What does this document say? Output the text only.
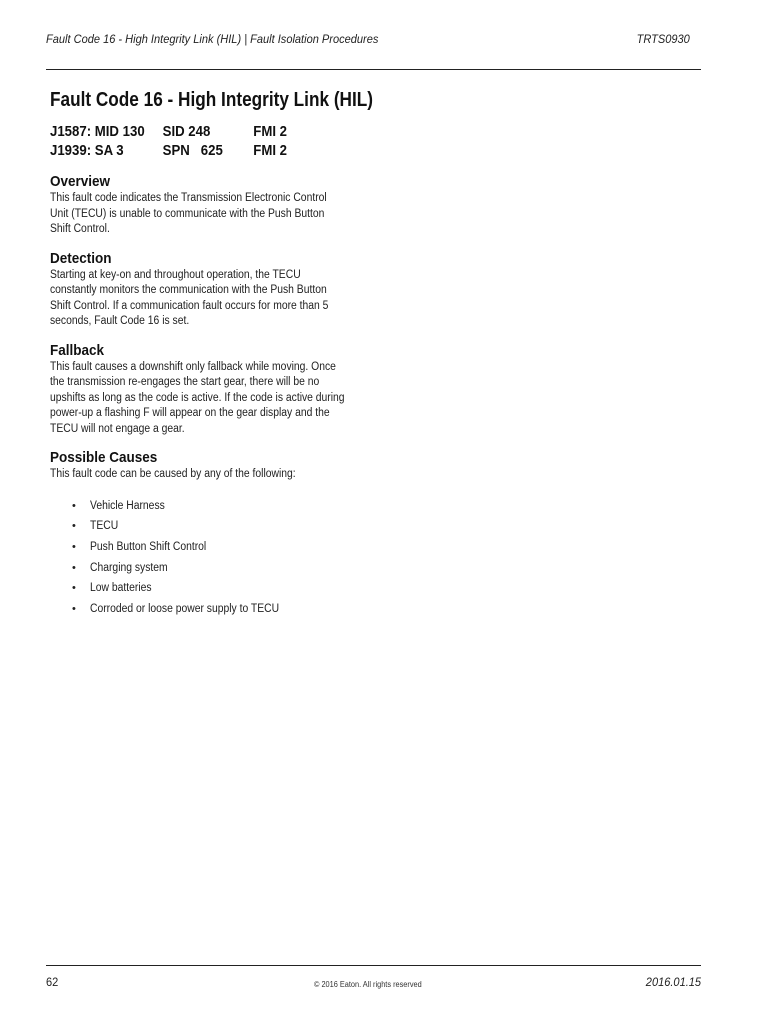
Fault Code 16 - High Integrity Link (HIL) | Fault Isolation Procedures	TRTS0930
Fault Code 16 - High Integrity Link (HIL)
J1587: MID 130	SID 248	FMI 2
J1939: SA 3	SPN   625	FMI 2
Overview

This fault code indicates the Transmission Electronic Control Unit (TECU) is unable to communicate with the Push Button Shift Control.

Detection

Starting at key-on and throughout operation, the TECU constantly monitors the communication with the Push Button Shift Control. If a communication fault occurs for more than 5 seconds, Fault Code 16 is set.

Fallback

This fault causes a downshift only fallback while moving. Once the transmission re-engages the start gear, there will be no upshifts as long as the code is active. If the code is active during power-up a flashing F will appear on the gear display and the TECU will not engage a gear.

Possible Causes

This fault code can be caused by any of the following:

• Vehicle Harness
• TECU
• Push Button Shift Control
• Charging system
• Low batteries
• Corroded or loose power supply to TECU
62	© 2016 Eaton. All rights reserved	2016.01.15
